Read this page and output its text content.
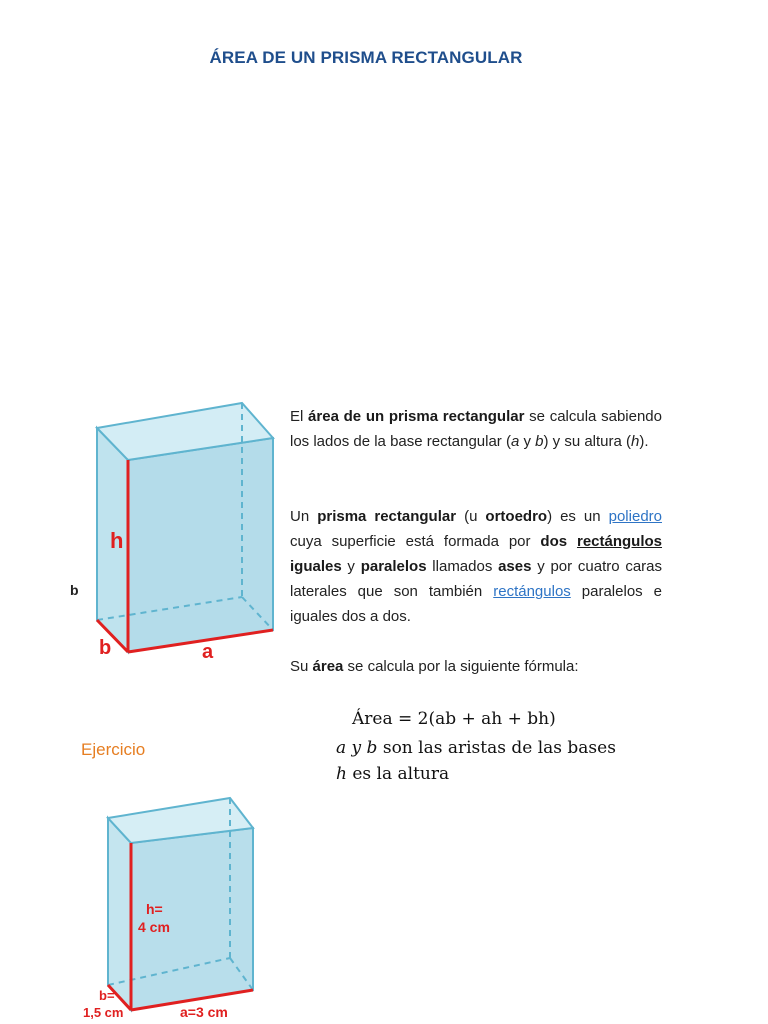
ÁREA DE UN PRISMA RECTANGULAR
h
b	a
h=
4 cm
b=
1,5 cm	a=3 cm
b
El área de un prisma rectangular se calcula sabiendo los lados de la base rectangular (a y b) y su altura (h).
Un prisma rectangular (u ortoedro) es un poliedro cuya superficie está formada por dos rectángulos iguales y paralelos llamados ases y por cuatro caras laterales que son también rectángulos paralelos e iguales dos a dos.
Su área se calcula por la siguiente fórmula:
Área = 2(ab + ah + bh)
a y b son las aristas de las bases
h es la altura
Ejercicio
